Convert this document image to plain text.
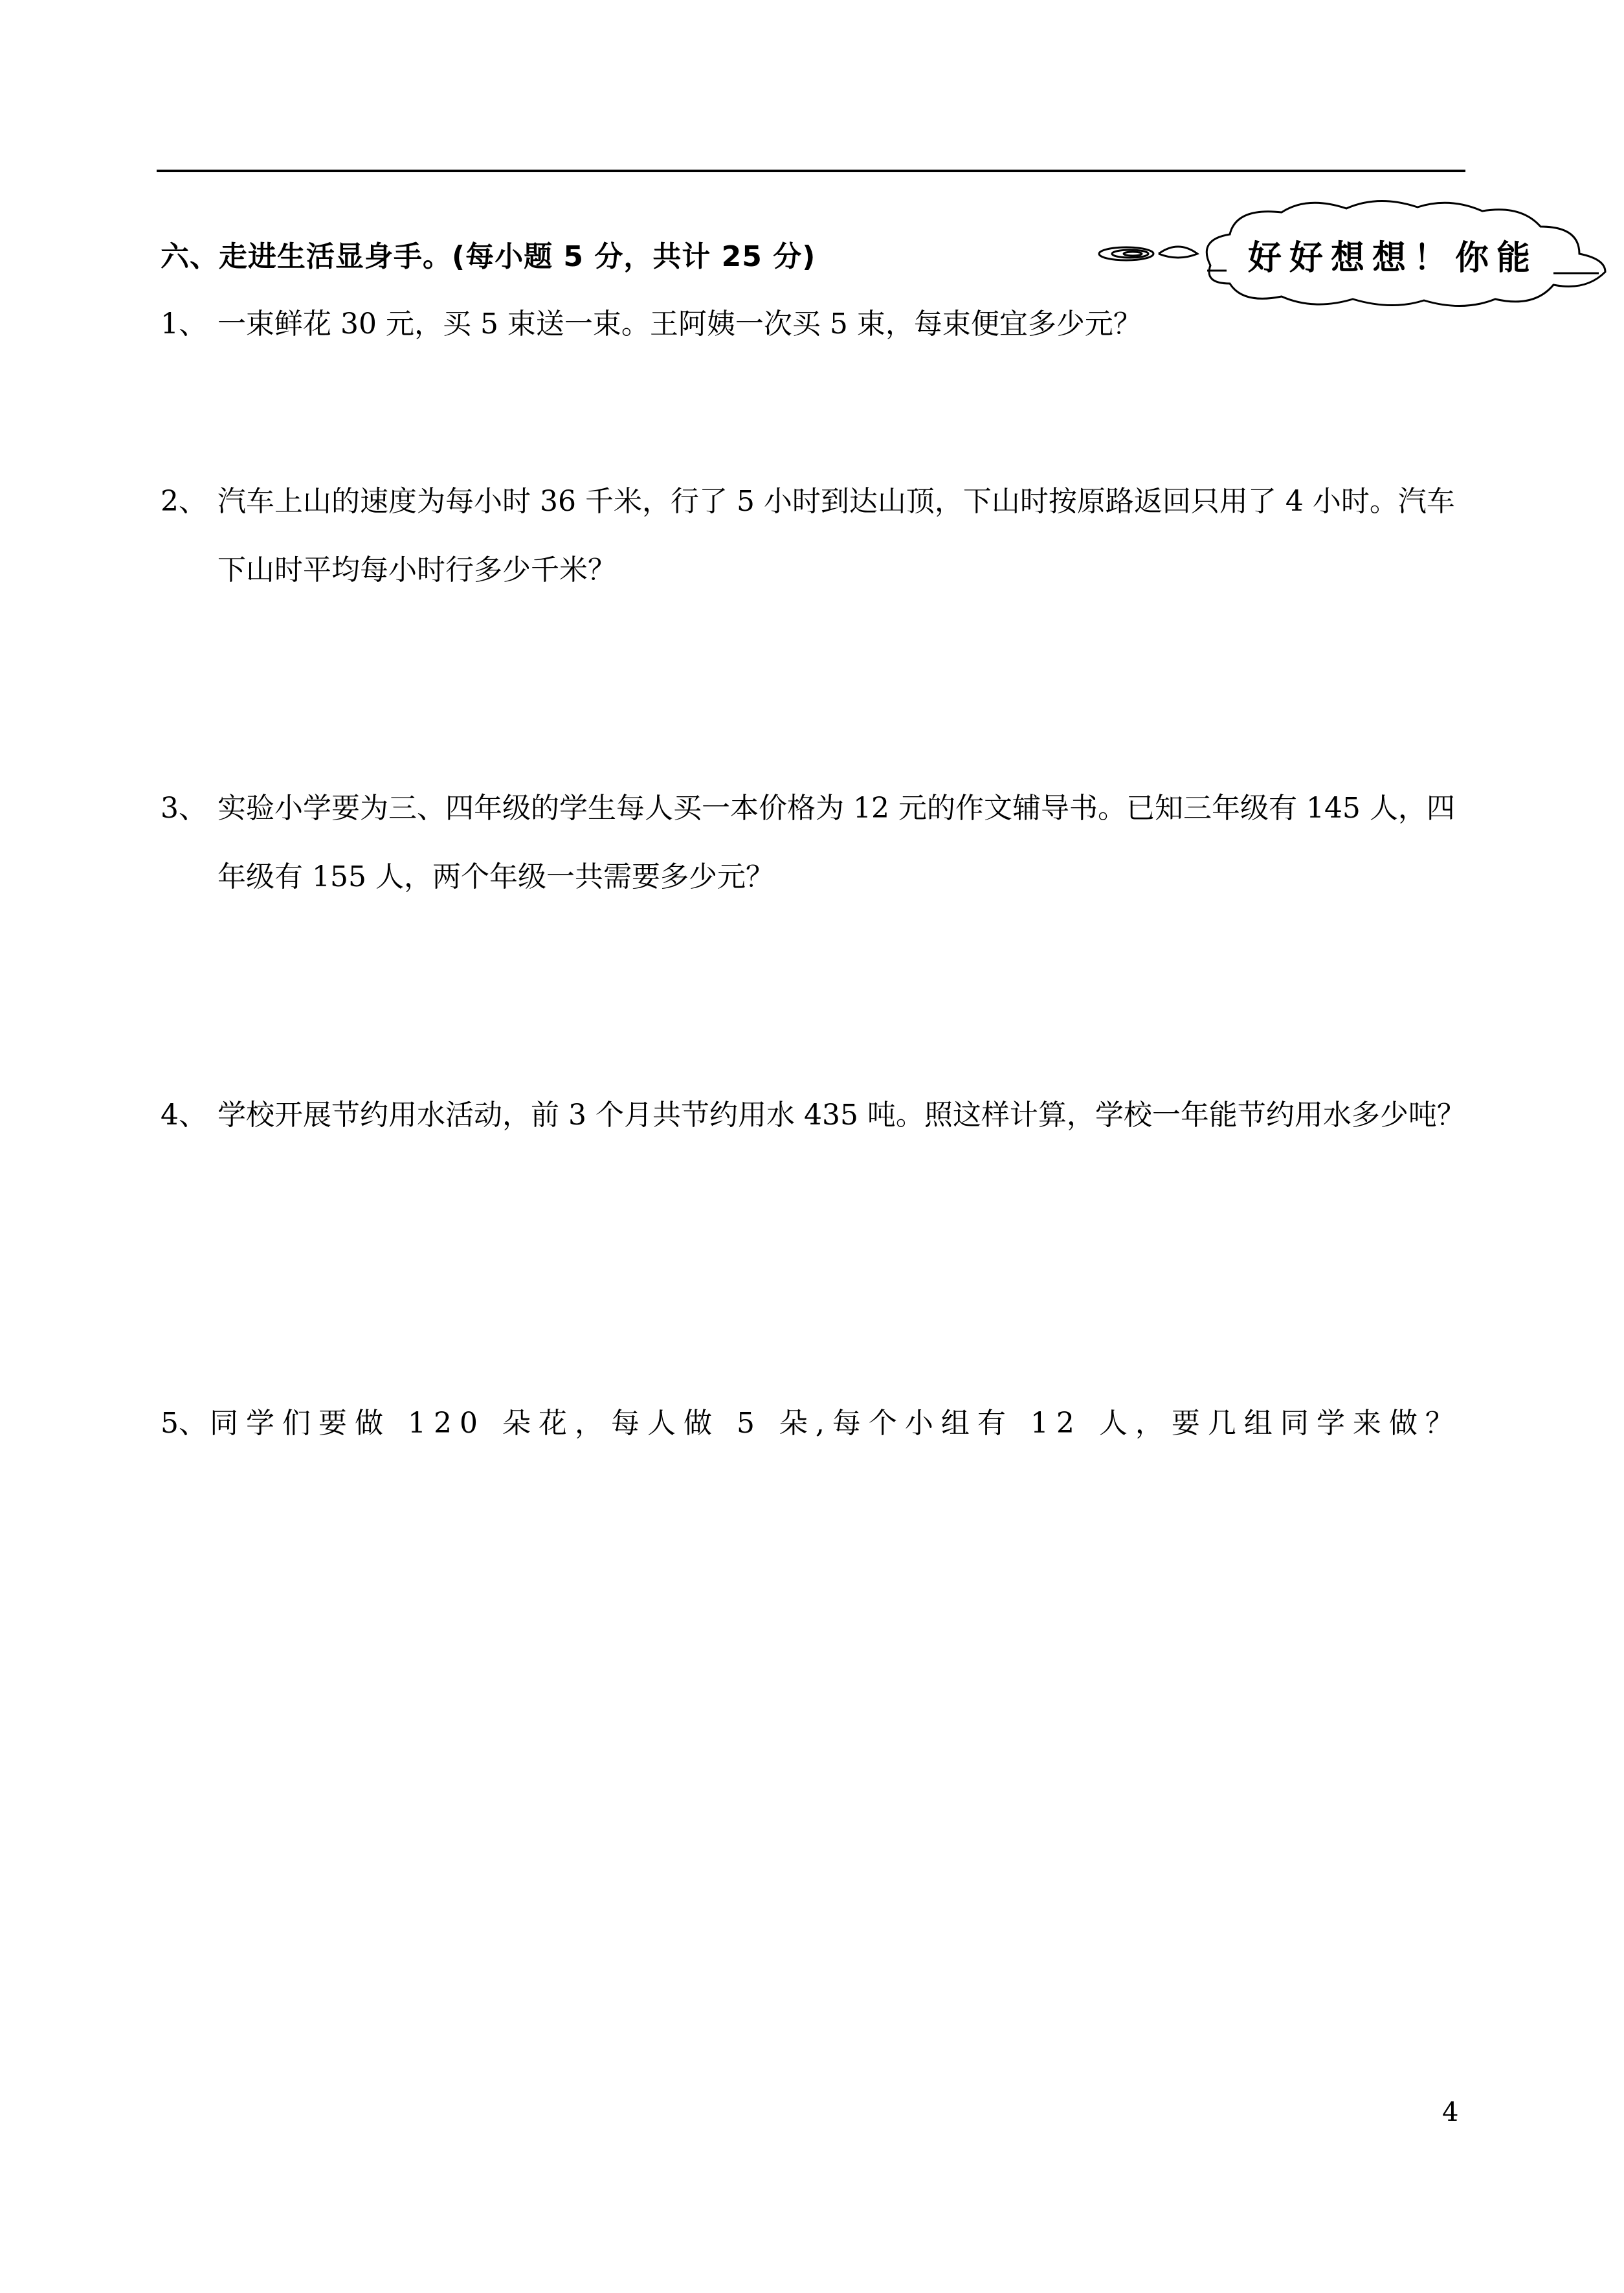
六、走进生活显身手。(每小题 5 分，共计 25 分)	好好想想！你能
1、 一束鲜花 30 元，买 5 束送一束。王阿姨一次买 5 束，每束便宜多少元？
2、 汽车上山的速度为每小时 36 千米，行了 5 小时到达山顶，下山时按原路返回只用了 4 小时。汽车下山时平均每小时行多少千米？
3、 实验小学要为三、四年级的学生每人买一本价格为 12 元的作文辅导书。已知三年级有 145 人，四年级有 155 人，两个年级一共需要多少元？
4、 学校开展节约用水活动，前 3 个月共节约用水 435 吨。照这样计算，学校一年能节约用水多少吨？
5、 同学们要做 120 朵花，每人做 5 朵,每个小组有 12 人，要几组同学来做？
4
